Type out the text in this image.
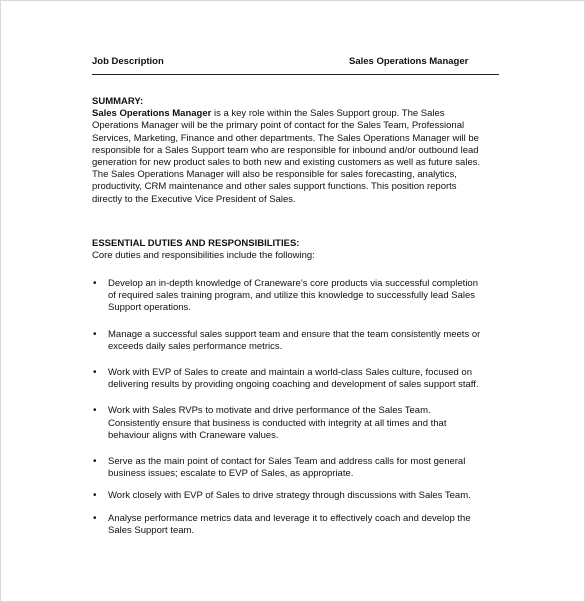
Job Description	Sales Operations Manager
SUMMARY:
Sales Operations Manager is a key role within the Sales Support group. The Sales
Operations Manager will be the primary point of contact for the Sales Team, Professional
Services, Marketing, Finance and other departments. The Sales Operations Manager will be
responsible for a Sales Support team who are responsible for inbound and/or outbound lead
generation for new product sales to both new and existing customers as well as future sales.
The Sales Operations Manager will also be responsible for sales forecasting, analytics,
productivity, CRM maintenance and other sales support functions. This position reports
directly to the Executive Vice President of Sales.
ESSENTIAL DUTIES AND RESPONSIBILITIES:
Core duties and responsibilities include the following:
• Develop an in-depth knowledge of Craneware’s core products via successful completion
of required sales training program, and utilize this knowledge to successfully lead Sales
Support operations.
• Manage a successful sales support team and ensure that the team consistently meets or
exceeds daily sales performance metrics.
• Work with EVP of Sales to create and maintain a world-class Sales culture, focused on
delivering results by providing ongoing coaching and development of sales support staff.
• Work with Sales RVPs to motivate and drive performance of the Sales Team.
Consistently ensure that business is conducted with integrity at all times and that
behaviour aligns with Craneware values.
• Serve as the main point of contact for Sales Team and address calls for most general
business issues; escalate to EVP of Sales, as appropriate.
• Work closely with EVP of Sales to drive strategy through discussions with Sales Team.
• Analyse performance metrics data and leverage it to effectively coach and develop the
Sales Support team.
